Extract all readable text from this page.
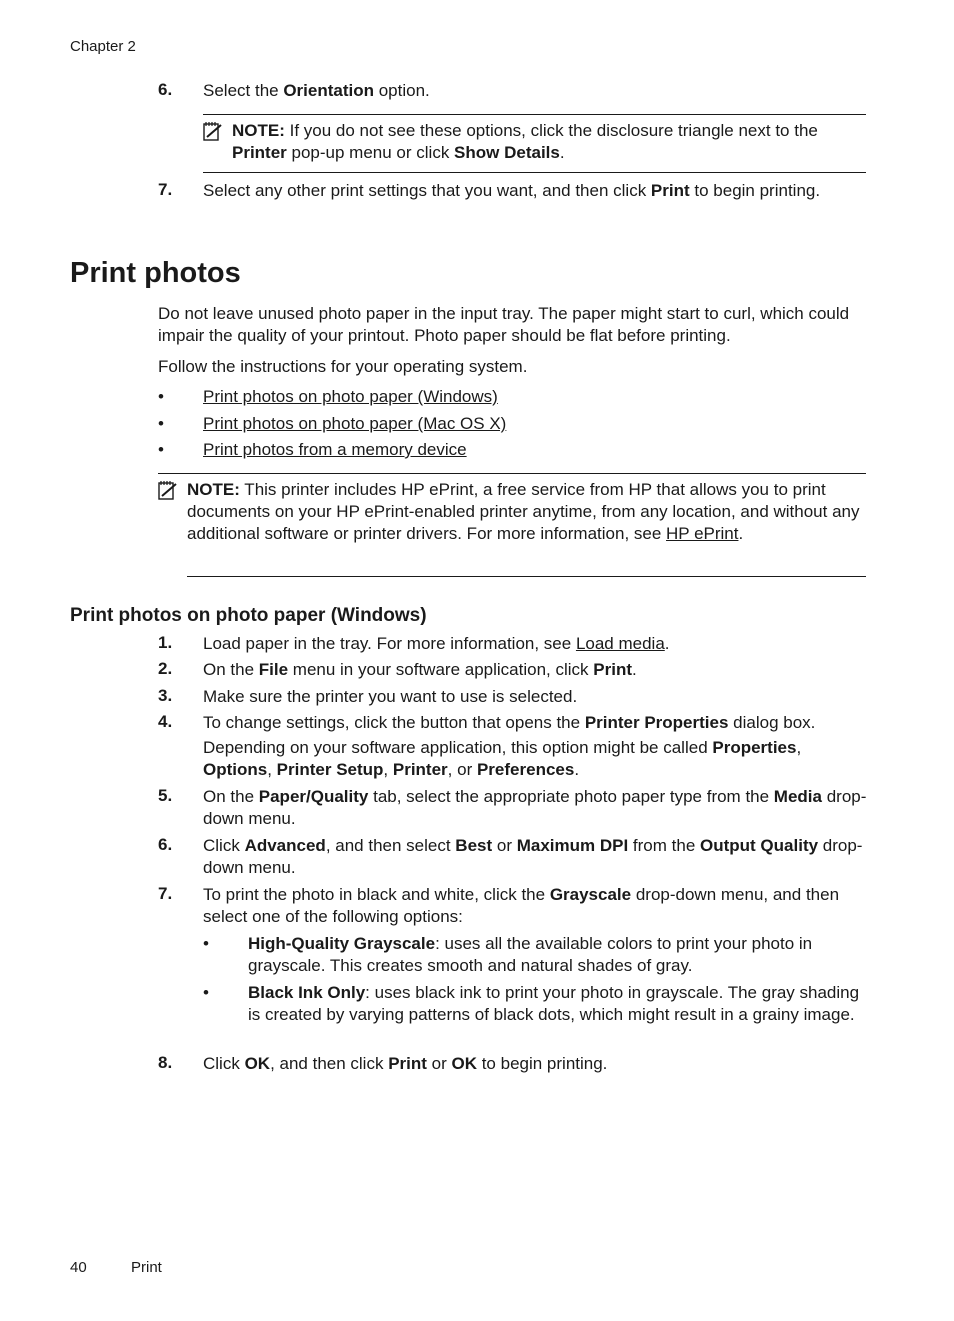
Chapter 2
6.	Select the Orientation option.
NOTE: If you do not see these options, click the disclosure triangle next to the Printer pop-up menu or click Show Details.
7.	Select any other print settings that you want, and then click Print to begin printing.
Print photos
Do not leave unused photo paper in the input tray. The paper might start to curl, which could impair the quality of your printout. Photo paper should be flat before printing.
Follow the instructions for your operating system.
•	Print photos on photo paper (Windows)
•	Print photos on photo paper (Mac OS X)
•	Print photos from a memory device
NOTE: This printer includes HP ePrint, a free service from HP that allows you to print documents on your HP ePrint-enabled printer anytime, from any location, and without any additional software or printer drivers. For more information, see HP ePrint.
Print photos on photo paper (Windows)
1.	Load paper in the tray. For more information, see Load media.
2.	On the File menu in your software application, click Print.
3.	Make sure the printer you want to use is selected.
4.	To change settings, click the button that opens the Printer Properties dialog box.
Depending on your software application, this option might be called Properties, Options, Printer Setup, Printer, or Preferences.
5.	On the Paper/Quality tab, select the appropriate photo paper type from the Media drop-down menu.
6.	Click Advanced, and then select Best or Maximum DPI from the Output Quality drop-down menu.
7.	To print the photo in black and white, click the Grayscale drop-down menu, and then select one of the following options:
•	High-Quality Grayscale: uses all the available colors to print your photo in grayscale. This creates smooth and natural shades of gray.
•	Black Ink Only: uses black ink to print your photo in grayscale. The gray shading is created by varying patterns of black dots, which might result in a grainy image.
8.	Click OK, and then click Print or OK to begin printing.
40	Print
